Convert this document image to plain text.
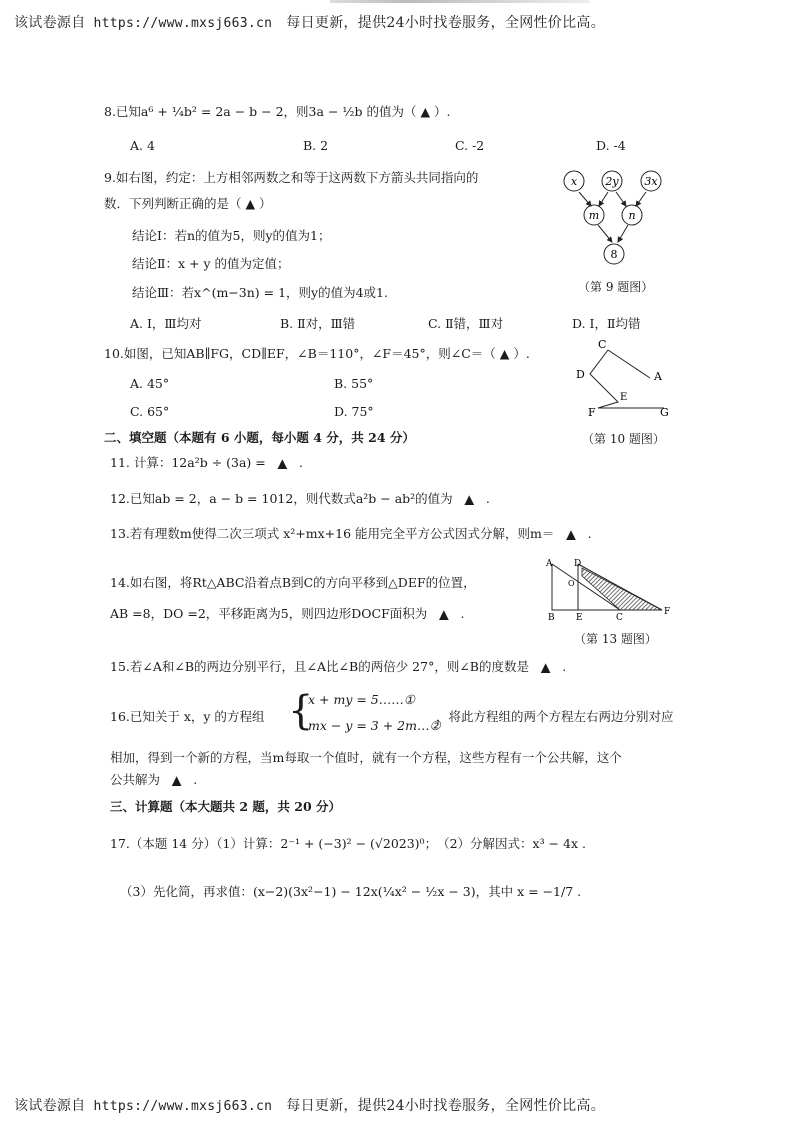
该试卷源自 https://www.mxsj663.cn 每日更新，提供24小时找卷服务，全网性价比高。
8.已知a⁶ + ¼b² = 2a − b − 2，则3a − ½b 的值为（ ▲ ）.
A. 4	B. 2	C. -2	D. -4
9.如右图，约定：上方相邻两数之和等于这两数下方箭头共同指向的
数．下列判断正确的是（ ▲ ）
结论Ⅰ：若n的值为5，则y的值为1；
结论Ⅱ：x + y 的值为定值；
结论Ⅲ：若x^(m−3n) = 1，则y的值为4或1.
A. Ⅰ，Ⅲ均对	B. Ⅱ对，Ⅲ错	C. Ⅱ错，Ⅲ对	D. Ⅰ，Ⅱ均错
x	2y 3x
m	n
8
（第 9 题图）
10.如图，已知AB∥FG，CD∥EF，∠B＝110°，∠F＝45°，则∠C＝（ ▲ ）.
A. 45°	B. 55°
C. 65°	D. 75°
C
A
D
E
F	G
（第 10 题图）
二、填空题（本题有 6 小题，每小题 4 分，共 24 分）
11. 计算：12a²b ÷ (3a) = ▲ .
12.已知ab = 2，a − b = 1012，则代数式a²b − ab²的值为 ▲ .
13.若有理数m使得二次三项式 x²+mx+16 能用完全平方公式因式分解，则m＝ ▲ .
14.如右图，将Rt△ABC沿着点B到C的方向平移到△DEF的位置，
AB =8，DO =2，平移距离为5，则四边形DOCF面积为 ▲ .
A D
B E	C
F
O
（第 13 题图）
15.若∠A和∠B的两边分别平行，且∠A比∠B的两倍少 27°，则∠B的度数是 ▲ .
16.已知关于 x，y 的方程组 {
x + my = 5……①
mx − y = 3 + 2m…②
，将此方程组的两个方程左右两边分别对应
相加，得到一个新的方程，当m每取一个值时，就有一个方程，这些方程有一个公共解，这个
公共解为 ▲ .
三、计算题（本大题共 2 题，共 20 分）
17.（本题 14 分）（1）计算：2⁻¹ + (−3)² − (√2023)⁰；　（2）分解因式：x³ − 4x .
（3）先化简，再求值：(x−2)(3x²−1) − 12x(¼x² − ½x − 3)，其中 x = −1/7 .
该试卷源自 https://www.mxsj663.cn 每日更新，提供24小时找卷服务，全网性价比高。
